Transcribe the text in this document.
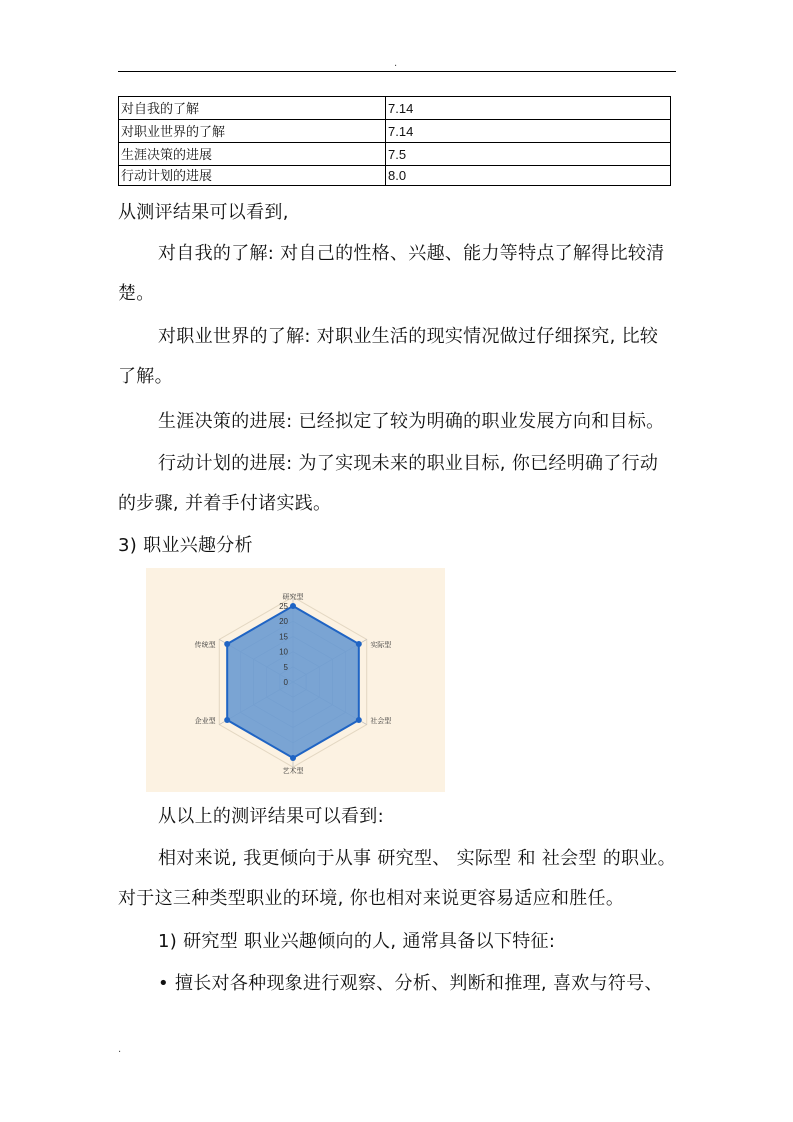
.
对自我的了解	7.14
对职业世界的了解	7.14
生涯决策的进展	7.5
行动计划的进展	8.0

从测评结果可以看到,

对自我的了解: 对自己的性格、兴趣、能力等特点了解得比较清楚。

对职业世界的了解: 对职业生活的现实情况做过仔细探究, 比较了解。

生涯决策的进展: 已经拟定了较为明确的职业发展方向和目标。

行动计划的进展: 为了实现未来的职业目标, 你已经明确了行动的步骤, 并着手付诸实践。

3) 职业兴趣分析

0
5
10
15
20
25
研究型
实际型
社会型
艺术型
企业型
传统型

从以上的测评结果可以看到:

相对来说, 我更倾向于从事 研究型、 实际型 和 社会型 的职业。 对于这三种类型职业的环境, 你也相对来说更容易适应和胜任。

1) 研究型 职业兴趣倾向的人, 通常具备以下特征:

• 擅长对各种现象进行观察、分析、判断和推理, 喜欢与符号、

.
